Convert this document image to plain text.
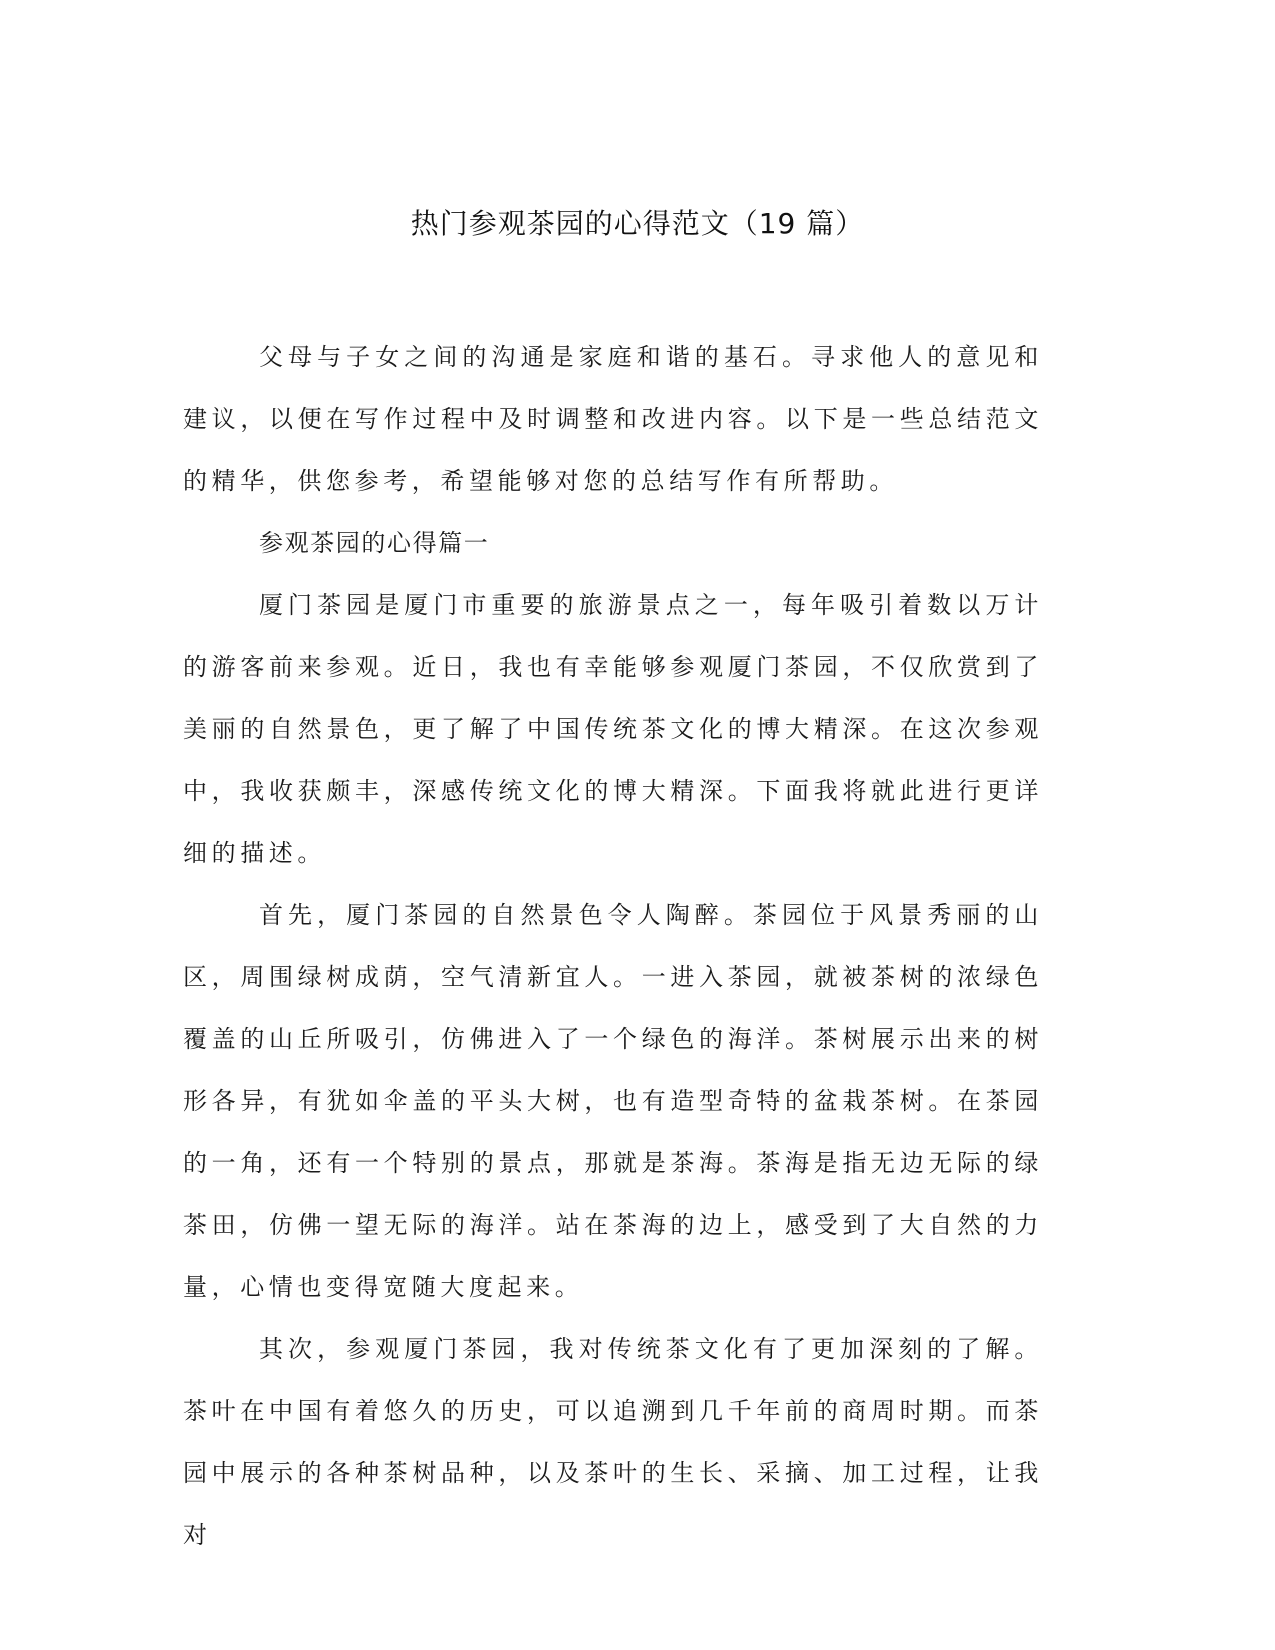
热门参观茶园的心得范文（19 篇）

父母与子女之间的沟通是家庭和谐的基石。寻求他人的意见和建议，以便在写作过程中及时调整和改进内容。以下是一些总结范文的精华，供您参考，希望能够对您的总结写作有所帮助。

参观茶园的心得篇一

厦门茶园是厦门市重要的旅游景点之一，每年吸引着数以万计的游客前来参观。近日，我也有幸能够参观厦门茶园，不仅欣赏到了美丽的自然景色，更了解了中国传统茶文化的博大精深。在这次参观中，我收获颇丰，深感传统文化的博大精深。下面我将就此进行更详细的描述。

首先，厦门茶园的自然景色令人陶醉。茶园位于风景秀丽的山区，周围绿树成荫，空气清新宜人。一进入茶园，就被茶树的浓绿色覆盖的山丘所吸引，仿佛进入了一个绿色的海洋。茶树展示出来的树形各异，有犹如伞盖的平头大树，也有造型奇特的盆栽茶树。在茶园的一角，还有一个特别的景点，那就是茶海。茶海是指无边无际的绿茶田，仿佛一望无际的海洋。站在茶海的边上，感受到了大自然的力量，心情也变得宽随大度起来。

其次，参观厦门茶园，我对传统茶文化有了更加深刻的了解。茶叶在中国有着悠久的历史，可以追溯到几千年前的商周时期。而茶园中展示的各种茶树品种，以及茶叶的生长、采摘、加工过程，让我对
